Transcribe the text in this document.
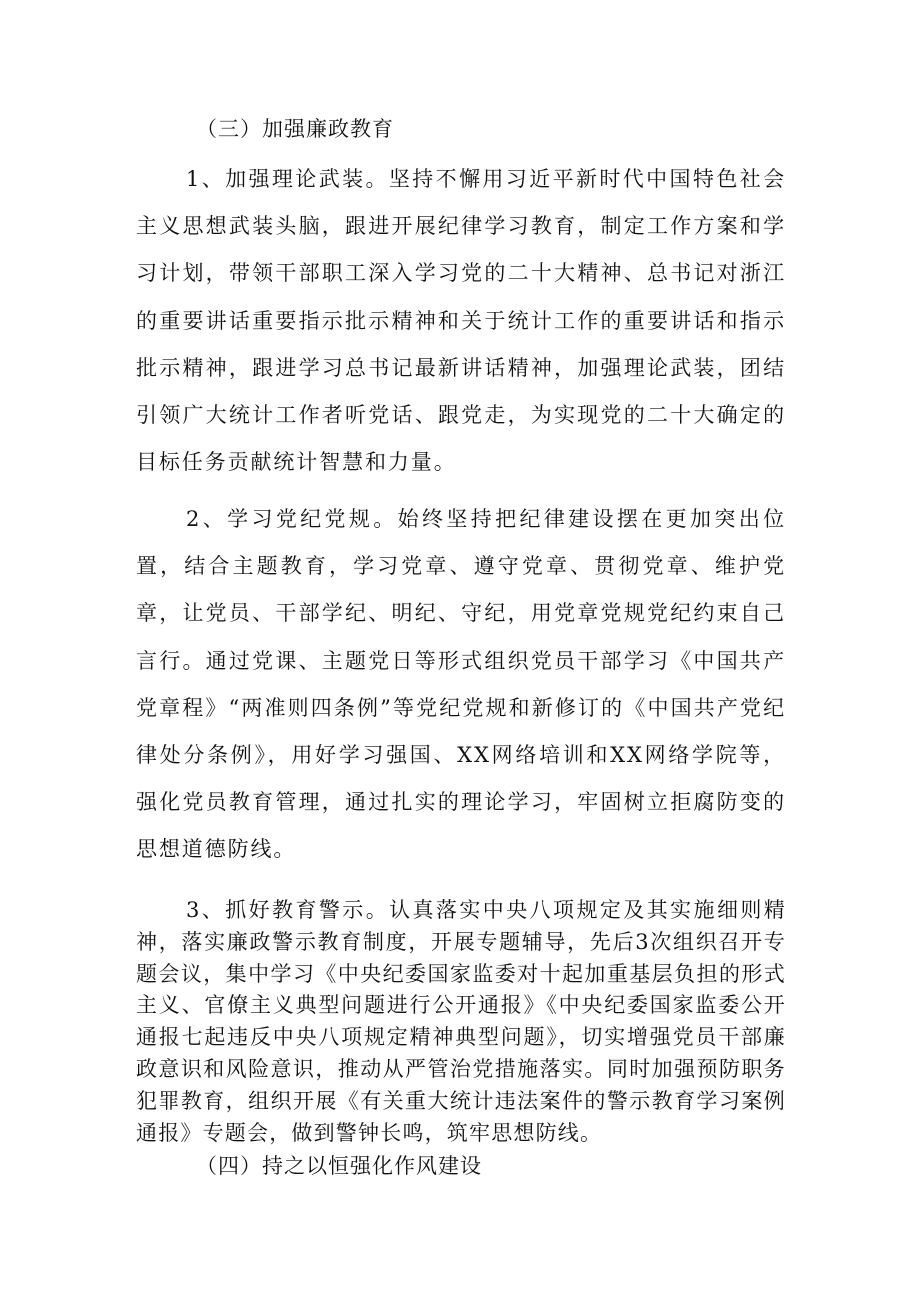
（三）加强廉政教育

1、加强理论武装。坚持不懈用习近平新时代中国特色社会主义思想武装头脑，跟进开展纪律学习教育，制定工作方案和学习计划，带领干部职工深入学习党的二十大精神、总书记对浙江的重要讲话重要指示批示精神和关于统计工作的重要讲话和指示批示精神，跟进学习总书记最新讲话精神，加强理论武装，团结引领广大统计工作者听党话、跟党走，为实现党的二十大确定的目标任务贡献统计智慧和力量。

2、学习党纪党规。始终坚持把纪律建设摆在更加突出位置，结合主题教育，学习党章、遵守党章、贯彻党章、维护党章，让党员、干部学纪、明纪、守纪，用党章党规党纪约束自己言行。通过党课、主题党日等形式组织党员干部学习《中国共产党章程》“两准则四条例”等党纪党规和新修订的《中国共产党纪律处分条例》，用好学习强国、XX网络培训和XX网络学院等，强化党员教育管理，通过扎实的理论学习，牢固树立拒腐防变的思想道德防线。

3、抓好教育警示。认真落实中央八项规定及其实施细则精神，落实廉政警示教育制度，开展专题辅导，先后3次组织召开专题会议，集中学习《中央纪委国家监委对十起加重基层负担的形式主义、官僚主义典型问题进行公开通报》《中央纪委国家监委公开通报七起违反中央八项规定精神典型问题》，切实增强党员干部廉政意识和风险意识，推动从严管治党措施落实。同时加强预防职务犯罪教育，组织开展《有关重大统计违法案件的警示教育学习案例通报》专题会，做到警钟长鸣，筑牢思想防线。

（四）持之以恒强化作风建设
